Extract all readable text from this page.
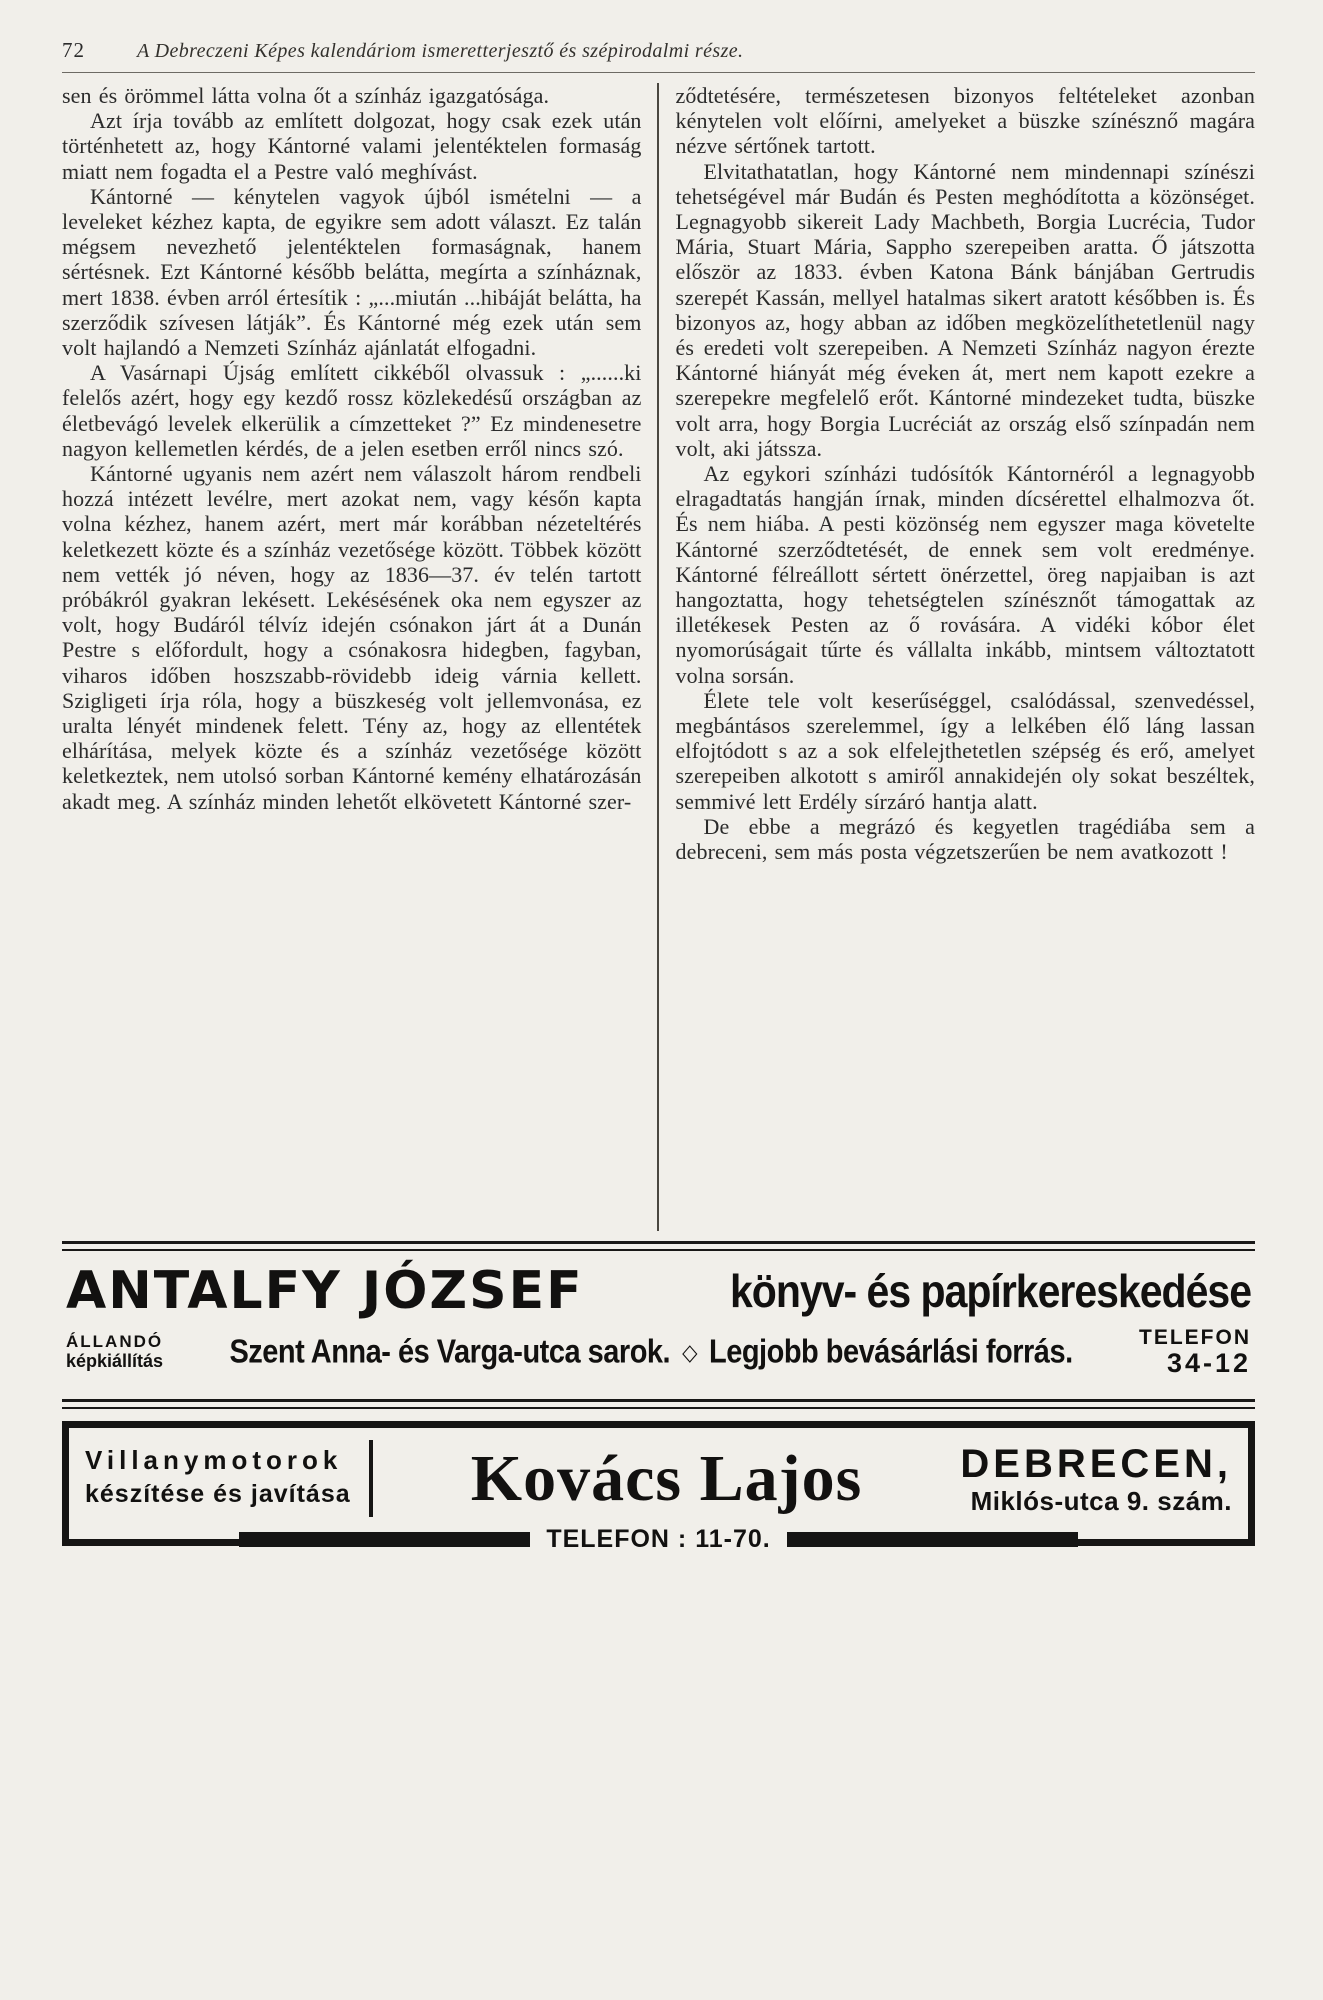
72	A Debreczeni Képes kalendáriom ismeretterjesztő és szépirodalmi része.

sen és örömmel látta volna őt a színház igazgatósága.

Azt írja tovább az említett dolgozat, hogy csak ezek után történhetett az, hogy Kántorné valami jelentéktelen formaság miatt nem fogadta el a Pestre való meghívást.

Kántorné — kénytelen vagyok újból ismételni — a leveleket kézhez kapta, de egyikre sem adott választ. Ez talán mégsem nevezhető jelentéktelen formaságnak, hanem sértésnek. Ezt Kántorné később belátta, megírta a színháznak, mert 1838. évben arról értesítik : „...miután ...hibáját belátta, ha szerződik szívesen látják”. És Kántorné még ezek után sem volt hajlandó a Nemzeti Színház ajánlatát elfogadni.

A Vasárnapi Újság említett cikkéből olvassuk : „......ki felelős azért, hogy egy kezdő rossz közlekedésű országban az életbevágó levelek elkerülik a címzetteket ?” Ez mindenesetre nagyon kellemetlen kérdés, de a jelen esetben erről nincs szó.

Kántorné ugyanis nem azért nem válaszolt három rendbeli hozzá intézett levélre, mert azokat nem, vagy későn kapta volna kézhez, hanem azért, mert már korábban nézeteltérés keletkezett közte és a színház vezetősége között. Többek között nem vették jó néven, hogy az 1836—37. év telén tartott próbákról gyakran lekésett. Lekésésének oka nem egyszer az volt, hogy Budáról télvíz idején csónakon járt át a Dunán Pestre s előfordult, hogy a csónakosra hidegben, fagyban, viharos időben hoszszabb-rövidebb ideig várnia kellett. Szigligeti írja róla, hogy a büszkeség volt jellemvonása, ez uralta lényét mindenek felett. Tény az, hogy az ellentétek elhárítása, melyek közte és a színház vezetősége között keletkeztek, nem utolsó sorban Kántorné kemény elhatározásán akadt meg. A színház minden lehetőt elkövetett Kántorné szer-

ződtetésére, természetesen bizonyos feltételeket azonban kénytelen volt előírni, amelyeket a büszke színésznő magára nézve sértőnek tartott.

Elvitathatatlan, hogy Kántorné nem mindennapi színészi tehetségével már Budán és Pesten meghódította a közönséget. Legnagyobb sikereit Lady Machbeth, Borgia Lucrécia, Tudor Mária, Stuart Mária, Sappho szerepeiben aratta. Ő játszotta először az 1833. évben Katona Bánk bánjában Gertrudis szerepét Kassán, mellyel hatalmas sikert aratott későbben is. És bizonyos az, hogy abban az időben megközelíthetetlenül nagy és eredeti volt szerepeiben. A Nemzeti Színház nagyon érezte Kántorné hiányát még éveken át, mert nem kapott ezekre a szerepekre megfelelő erőt. Kántorné mindezeket tudta, büszke volt arra, hogy Borgia Lucréciát az ország első színpadán nem volt, aki játssza.

Az egykori színházi tudósítók Kántornéról a legnagyobb elragadtatás hangján írnak, minden dícsérettel elhalmozva őt. És nem hiába. A pesti közönség nem egyszer maga követelte Kántorné szerződtetését, de ennek sem volt eredménye. Kántorné félreállott sértett önérzettel, öreg napjaiban is azt hangoztatta, hogy tehetségtelen színésznőt támogattak az illetékesek Pesten az ő rovására. A vidéki kóbor élet nyomorúságait tűrte és vállalta inkább, mintsem változtatott volna sorsán.

Élete tele volt keserűséggel, csalódással, szenvedéssel, megbántásos szerelemmel, így a lelkében élő láng lassan elfojtódott s az a sok elfelejthetetlen szépség és erő, amelyet szerepeiben alkotott s amiről annakidején oly sokat beszéltek, semmivé lett Erdély sírzáró hantja alatt.

De ebbe a megrázó és kegyetlen tragédiába sem a debreceni, sem más posta végzetszerűen be nem avatkozott !

ANTALFY JÓZSEF	könyv- és papírkereskedése
ÁLLANDÓ
képkiállítás Szent Anna- és Varga-utca sarok. ◇ Legjobb bevásárlási forrás.	TELEFON
34-12
Villanymotorok
készítése és javítása	Kovács Lajos	DEBRECEN,
Miklós-utca 9. szám.
TELEFON : 11-70.
